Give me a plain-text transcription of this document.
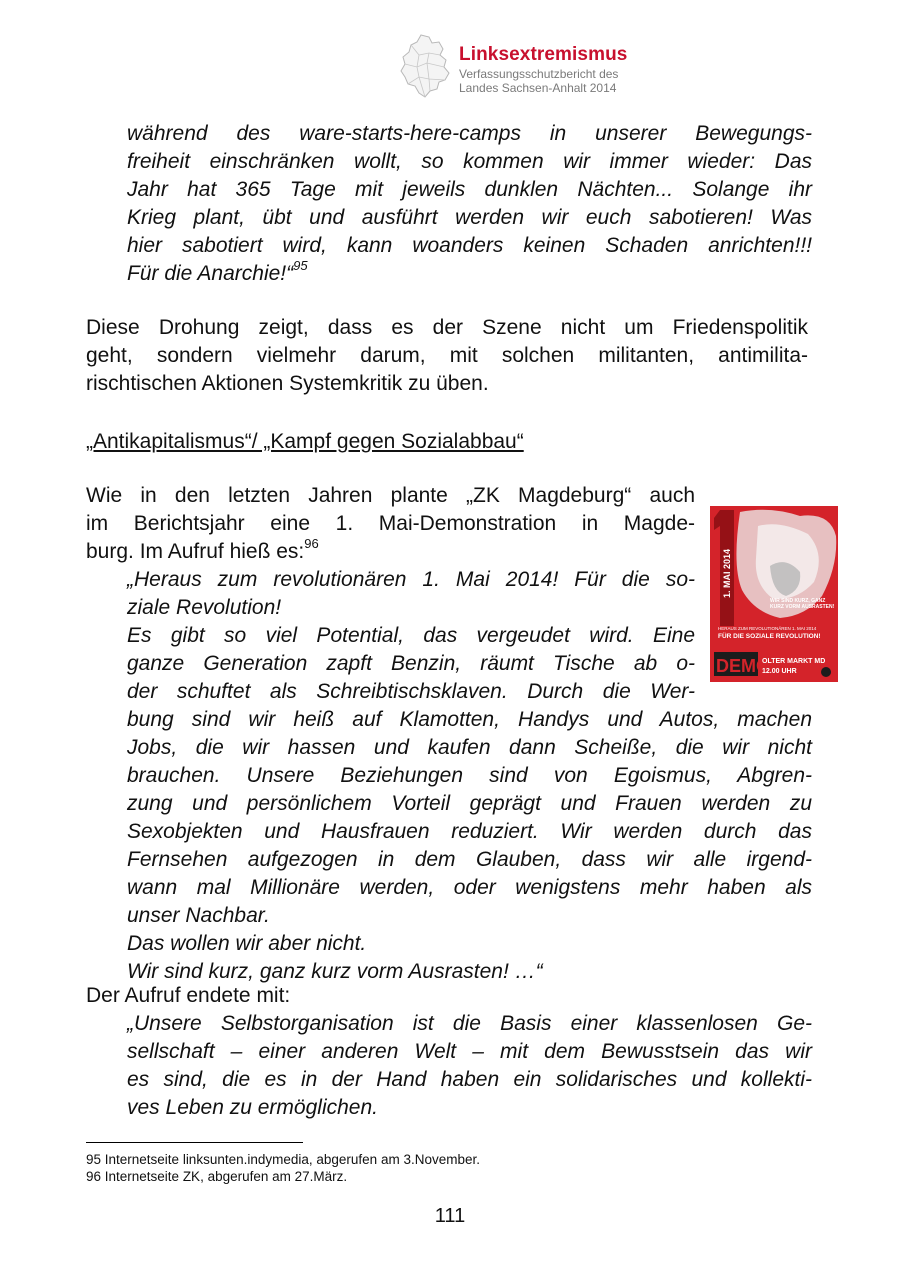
Linksextremismus
Verfassungsschutzbericht des
Landes Sachsen-Anhalt 2014
während des ware-starts-here-camps in unserer Bewegungs-
freiheit einschränken wollt, so kommen wir immer wieder: Das
Jahr hat 365 Tage mit jeweils dunklen Nächten... Solange ihr
Krieg plant, übt und ausführt werden wir euch sabotieren! Was
hier sabotiert wird, kann woanders keinen Schaden anrichten!!!
Für die Anarchie!“$^{95}$
Diese Drohung zeigt, dass es der Szene nicht um Friedenspolitik
geht, sondern vielmehr darum, mit solchen militanten, antimilita-
rischtischen Aktionen Systemkritik zu üben.
„Antikapitalismus“/ „Kampf gegen Sozialabbau“
Wie in den letzten Jahren plante „ZK Magdeburg“ auch
im Berichtsjahr eine 1. Mai-Demonstration in Magde-
burg. Im Aufruf hieß es:$^{96}$
„Heraus zum revolutionären 1. Mai 2014! Für die so-
ziale Revolution!
Es gibt so viel Potential, das vergeudet wird. Eine
ganze Generation zapft Benzin, räumt Tische ab o-
der schuftet als Schreibtischsklaven. Durch die Wer-
bung sind wir heiß auf Klamotten, Handys und Autos, machen
Jobs, die wir hassen und kaufen dann Scheiße, die wir nicht
brauchen. Unsere Beziehungen sind von Egoismus, Abgren-
zung und persönlichem Vorteil geprägt und Frauen werden zu
Sexobjekten und Hausfrauen reduziert. Wir werden durch das
Fernsehen aufgezogen in dem Glauben, dass wir alle irgend-
wann mal Millionäre werden, oder wenigstens mehr haben als
unser Nachbar.
Das wollen wir aber nicht.
Wir sind kurz, ganz kurz vorm Ausrasten! …“
Der Aufruf endete mit:
„Unsere Selbstorganisation ist die Basis einer klassenlosen Ge-
sellschaft – einer anderen Welt – mit dem Bewusstsein das wir
es sind, die es in der Hand haben ein solidarisches und kollekti-
ves Leben zu ermöglichen.
1. MAI 2014
WIR SIND KURZ, GANZ
KURZ VORM AUSRASTEN!
HERAUS ZUM REVOLUTIONÄREN 1. MAI 2014
FÜR DIE SOZIALE REVOLUTION!
DEMO
OLTER MARKT MD
12.00 UHR
95 Internetseite linksunten.indymedia, abgerufen am 3.November.
96 Internetseite ZK, abgerufen am 27.März.
111
